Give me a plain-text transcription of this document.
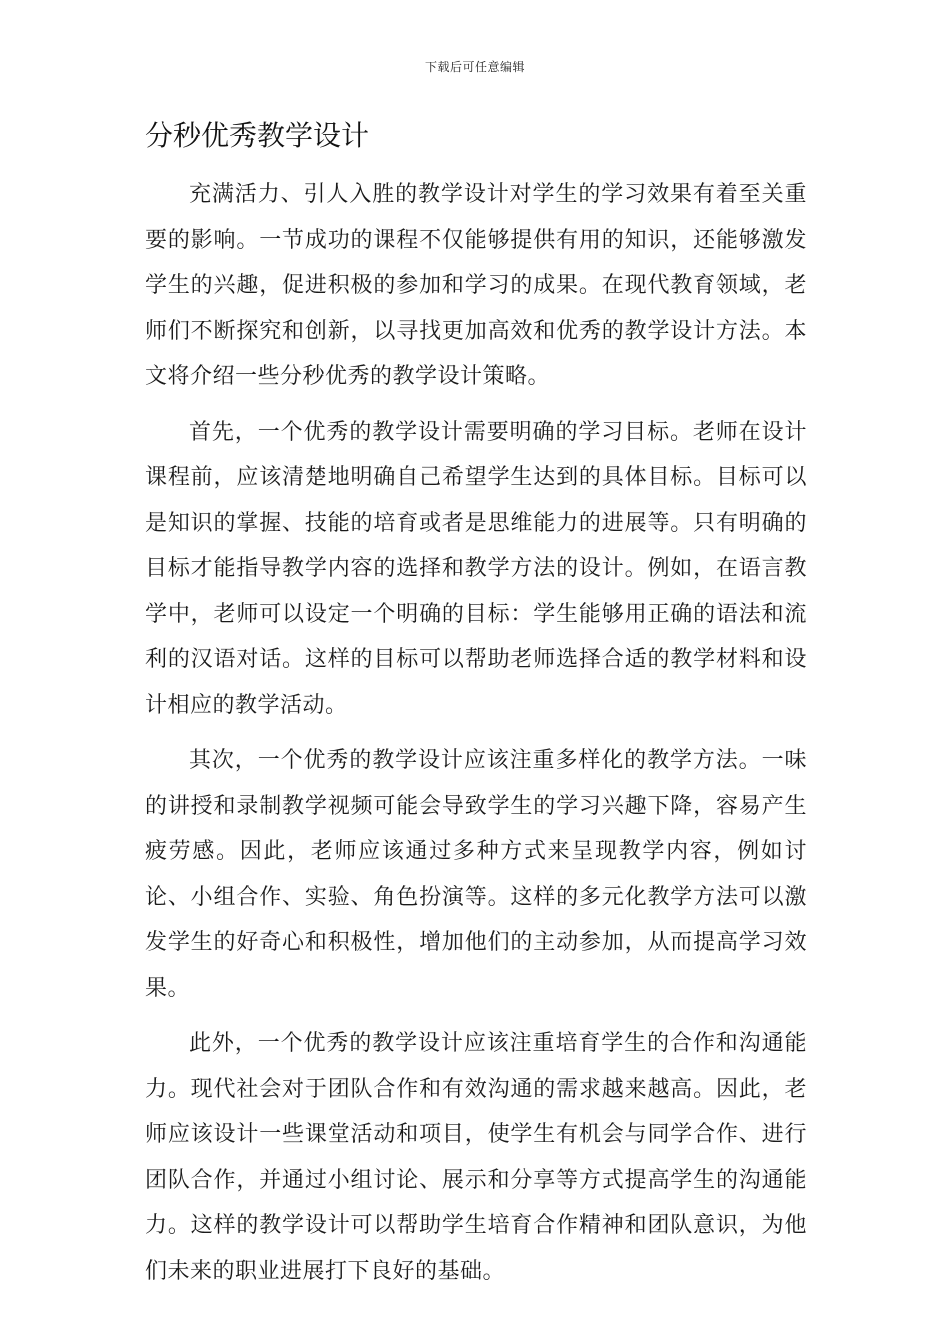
下载后可任意编辑
分秒优秀教学设计

充满活力、引人入胜的教学设计对学生的学习效果有着至关重要的影响。一节成功的课程不仅能够提供有用的知识，还能够激发学生的兴趣，促进积极的参加和学习的成果。在现代教育领域，老师们不断探究和创新，以寻找更加高效和优秀的教学设计方法。本文将介绍一些分秒优秀的教学设计策略。

首先，一个优秀的教学设计需要明确的学习目标。老师在设计课程前，应该清楚地明确自己希望学生达到的具体目标。目标可以是知识的掌握、技能的培育或者是思维能力的进展等。只有明确的目标才能指导教学内容的选择和教学方法的设计。例如，在语言教学中，老师可以设定一个明确的目标：学生能够用正确的语法和流利的汉语对话。这样的目标可以帮助老师选择合适的教学材料和设计相应的教学活动。

其次，一个优秀的教学设计应该注重多样化的教学方法。一味的讲授和录制教学视频可能会导致学生的学习兴趣下降，容易产生疲劳感。因此，老师应该通过多种方式来呈现教学内容，例如讨论、小组合作、实验、角色扮演等。这样的多元化教学方法可以激发学生的好奇心和积极性，增加他们的主动参加，从而提高学习效果。

此外，一个优秀的教学设计应该注重培育学生的合作和沟通能力。现代社会对于团队合作和有效沟通的需求越来越高。因此，老师应该设计一些课堂活动和项目，使学生有机会与同学合作、进行团队合作，并通过小组讨论、展示和分享等方式提高学生的沟通能力。这样的教学设计可以帮助学生培育合作精神和团队意识，为他们未来的职业进展打下良好的基础。
